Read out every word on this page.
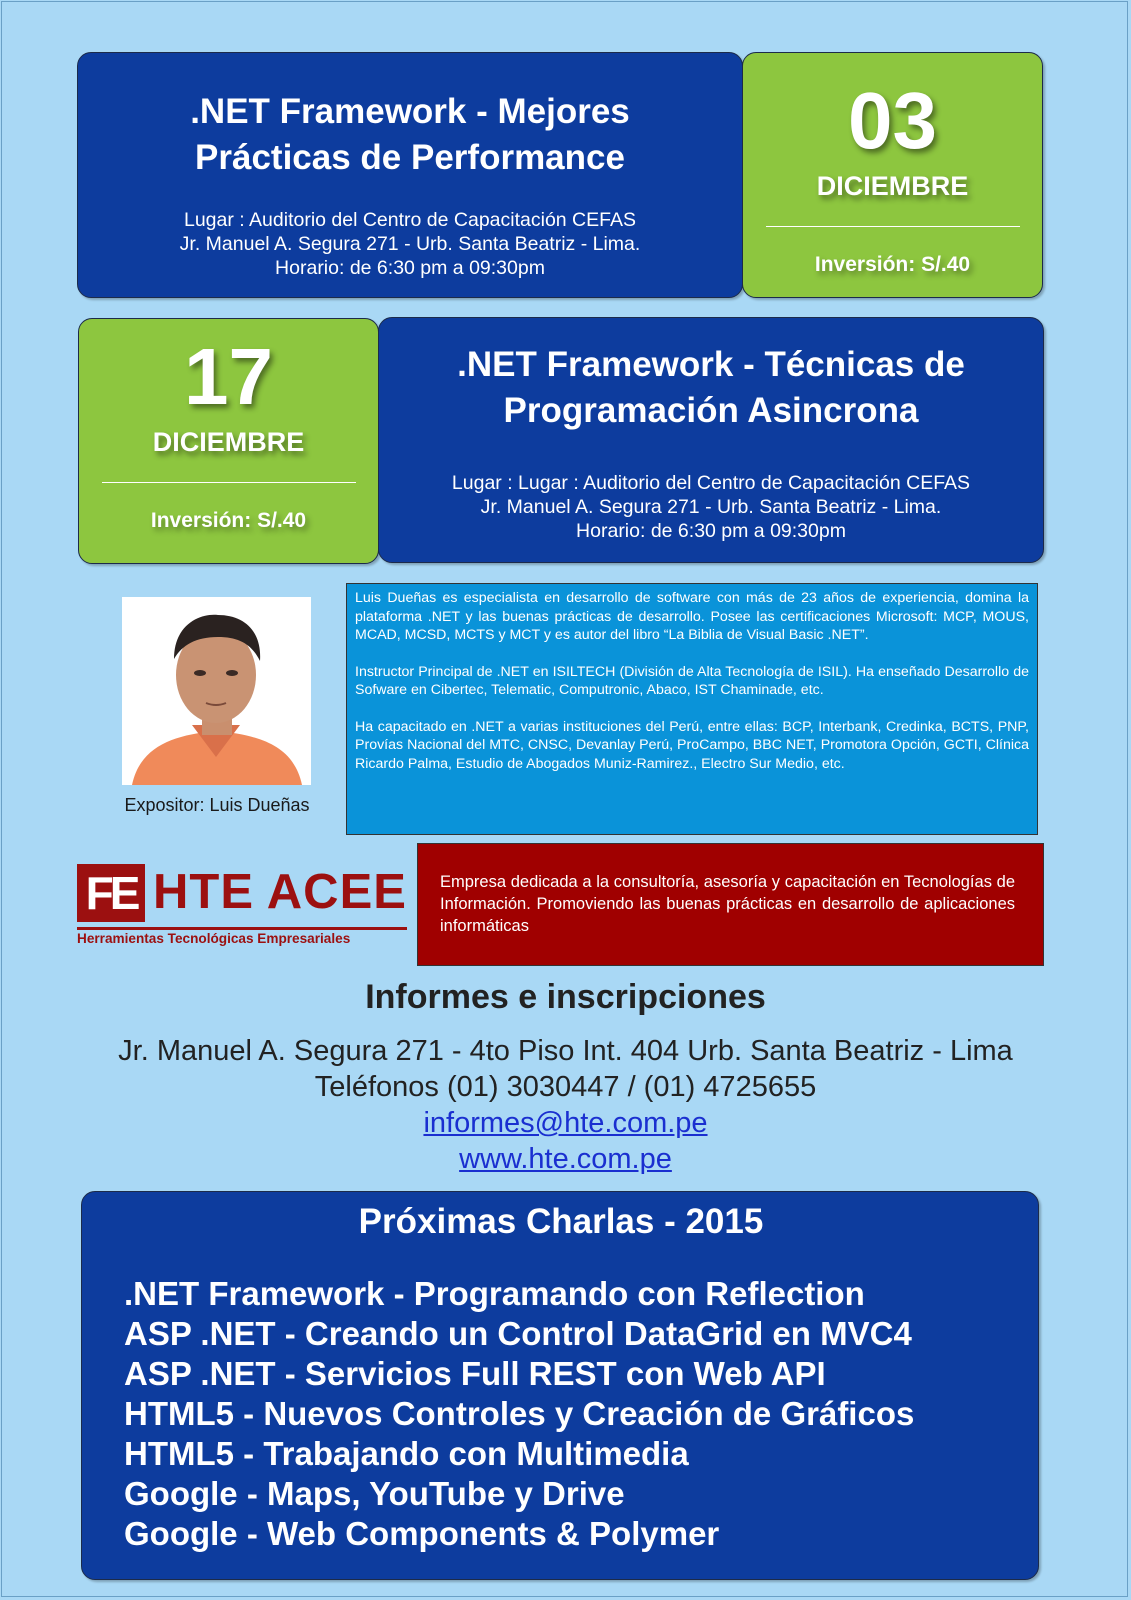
.NET Framework - Mejores
Prácticas de Performance
Lugar : Auditorio del Centro de Capacitación CEFAS
Jr. Manuel A. Segura 271 - Urb. Santa Beatriz - Lima.
Horario: de 6:30 pm a 09:30pm
03
DICIEMBRE
Inversión: S/.40
17
DICIEMBRE
Inversión: S/.40
.NET Framework - Técnicas de
Programación Asincrona
Lugar : Lugar : Auditorio del Centro de Capacitación CEFAS
Jr. Manuel A. Segura 271 - Urb. Santa Beatriz - Lima.
Horario: de 6:30 pm a 09:30pm
Expositor: Luis Dueñas

Luis Dueñas es especialista en desarrollo de software con más de 23 años de experiencia, domina la plataforma .NET y las buenas prácticas de desarrollo. Posee las certificaciones Microsoft: MCP, MOUS, MCAD, MCSD, MCTS y MCT y es autor del libro “La Biblia de Visual Basic .NET”.

Instructor Principal de .NET en ISILTECH (División de Alta Tecnología de ISIL). Ha enseñado Desarrollo de Sofware en Cibertec, Telematic, Computronic, Abaco, IST Chaminade, etc.

Ha capacitado en .NET a varias instituciones del Perú, entre ellas: BCP, Interbank, Credinka, BCTS, PNP, Provías Nacional del MTC, CNSC, Devanlay Perú, ProCampo, BBC NET, Promotora Opción, GCTI, Clínica Ricardo Palma, Estudio de Abogados Muniz-Ramirez., Electro Sur Medio, etc.

FE HTE ACEE
Herramientas Tecnológicas Empresariales
Empresa dedicada a la consultoría, asesoría y capacitación en Tecnologías de Información. Promoviendo las buenas prácticas en desarrollo de aplicaciones informáticas
Informes e inscripciones
Jr. Manuel A. Segura 271 - 4to Piso Int. 404 Urb. Santa Beatriz - Lima
Teléfonos (01) 3030447 / (01) 4725655
informes@hte.com.pe
www.hte.com.pe
Próximas Charlas - 2015
.NET Framework - Programando con Reflection
ASP .NET - Creando un Control DataGrid en MVC4
ASP .NET - Servicios Full REST con Web API
HTML5 - Nuevos Controles y Creación de Gráficos
HTML5 - Trabajando con Multimedia
Google - Maps, YouTube y Drive
Google - Web Components & Polymer
